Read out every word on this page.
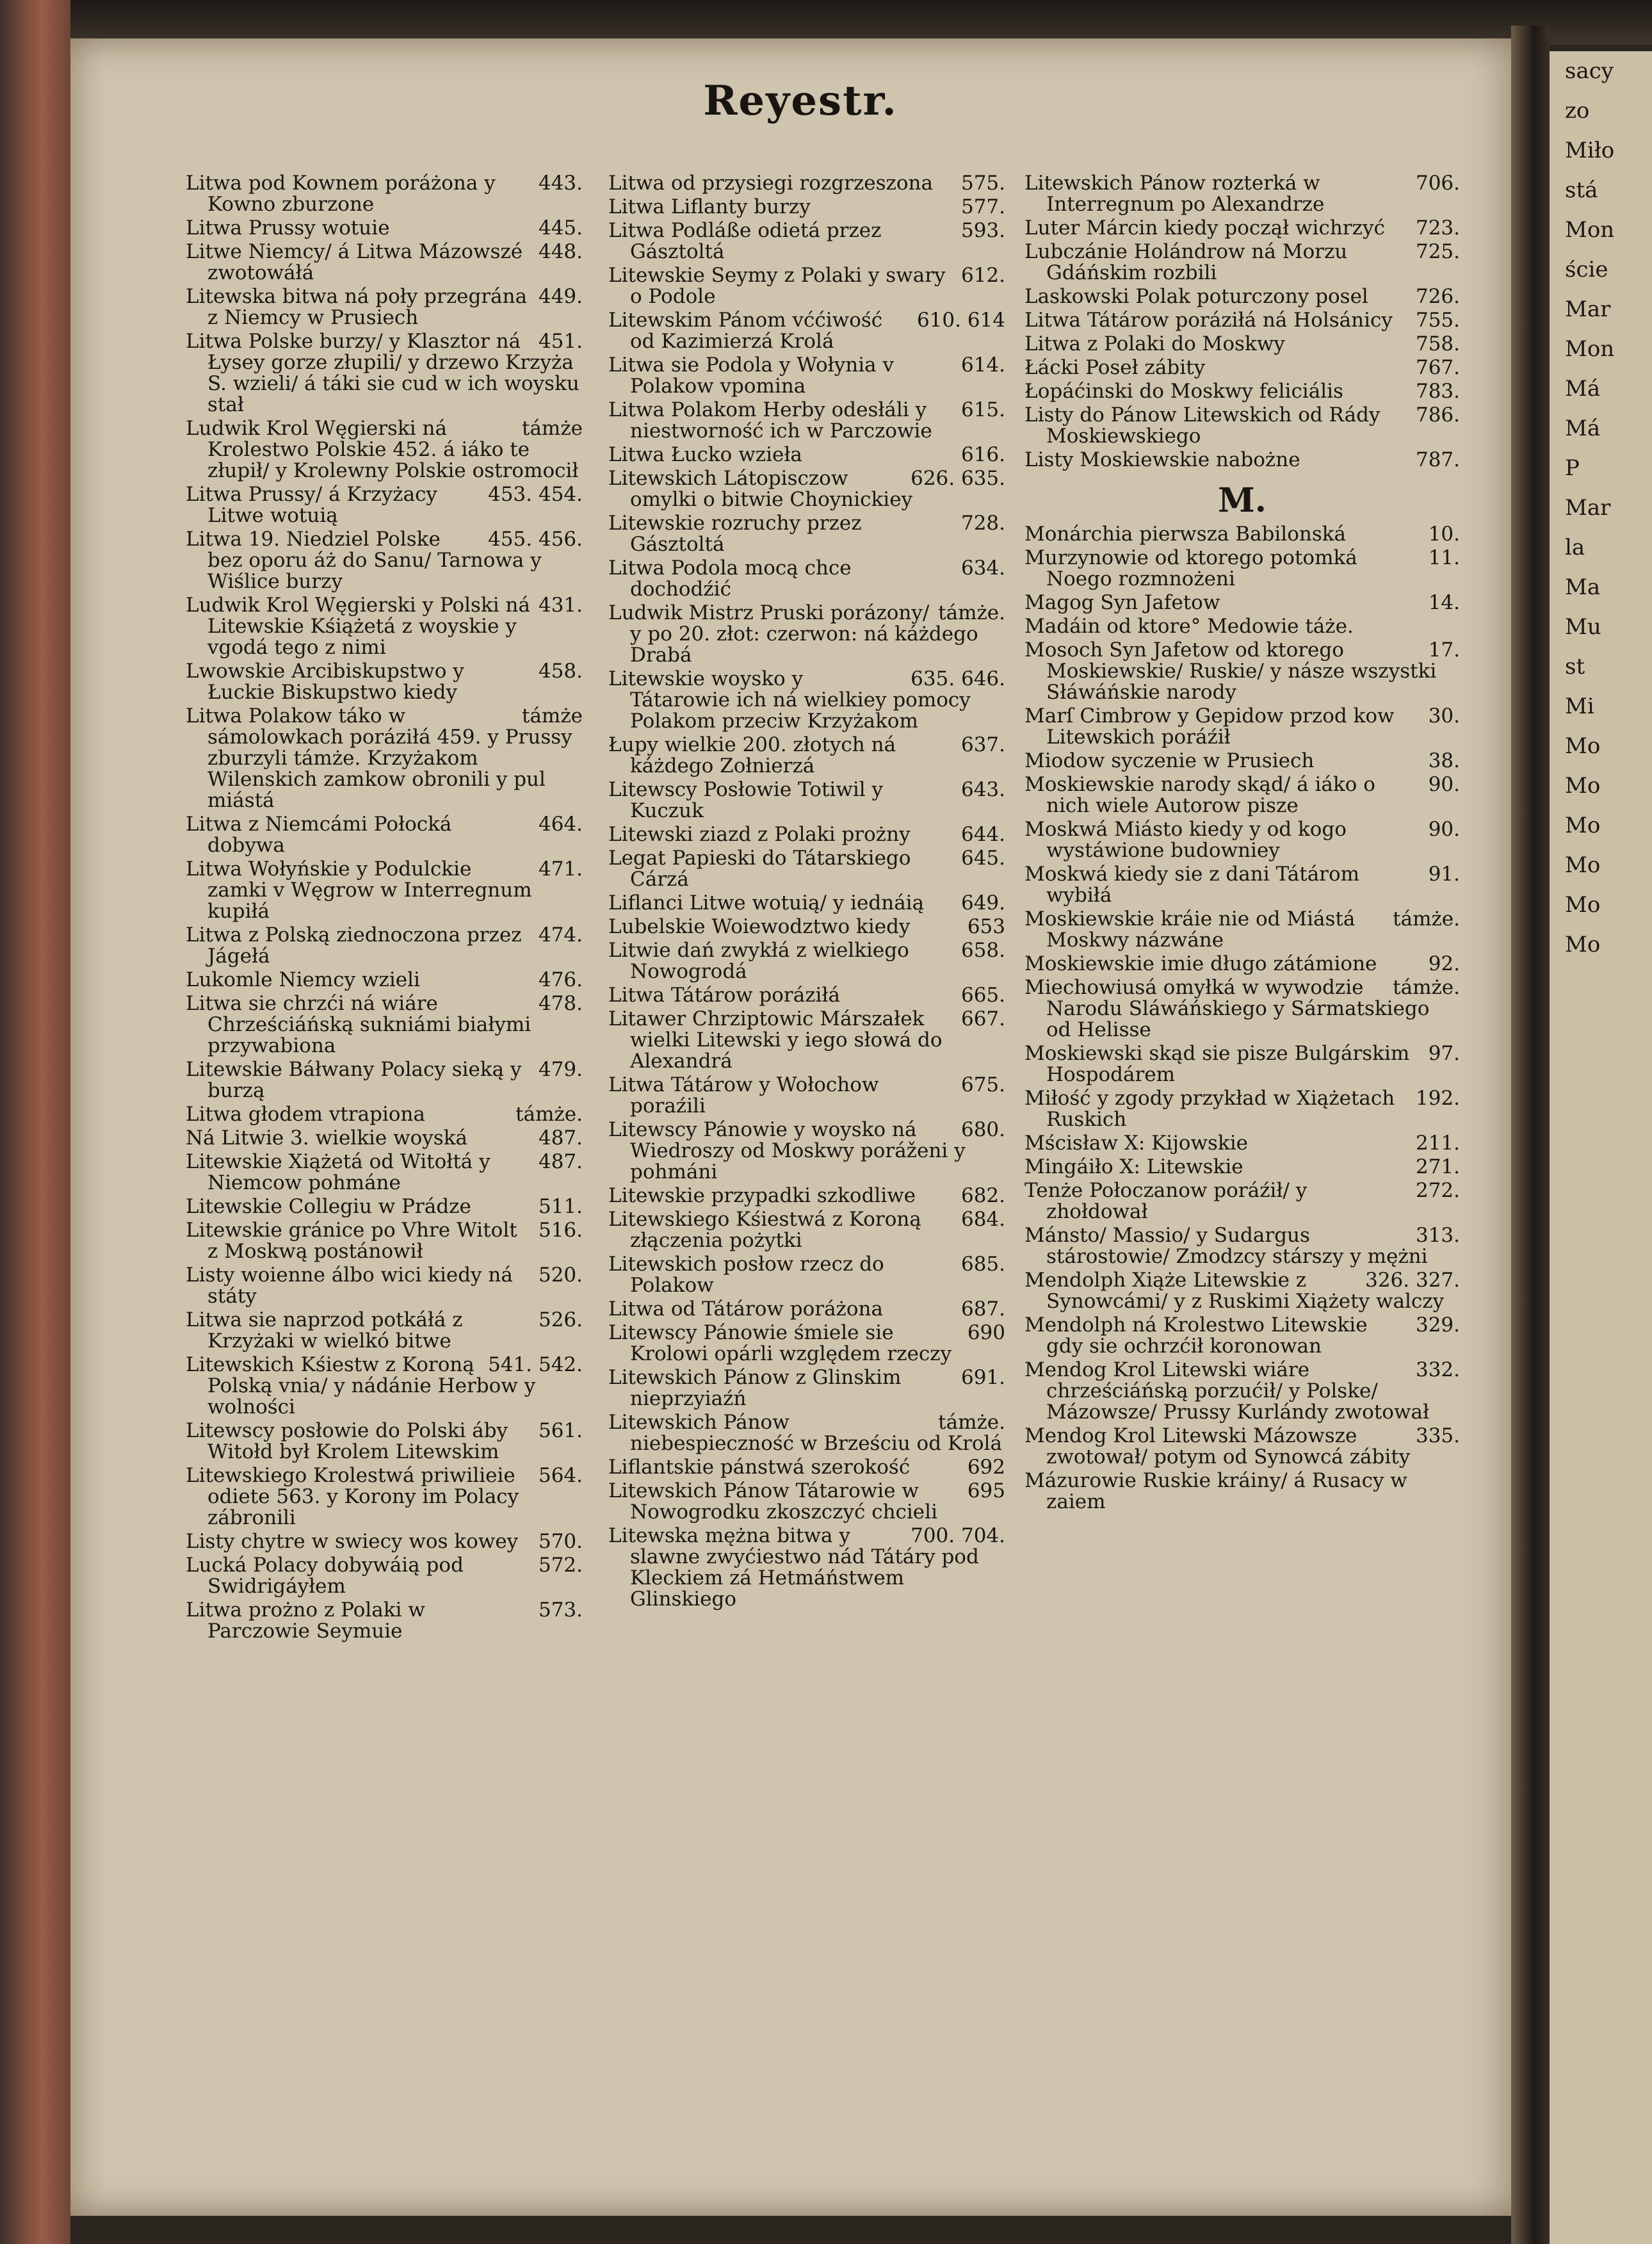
Reyestr.
443.
Litwa pod Kownem poráżona y Kowno zburzone
445.
Litwa Prussy wotuie
448.
Litwe Niemcy/ á Litwa Mázowszé zwotowáłá
449.
Litewska bitwa ná poły przegrána z Niemcy w Prusiech
451.
Litwa Polske burzy/ y Klasztor ná Łysey gorze złupili/ y drzewo Krzyża S. wzieli/ á táki sie cud w ich woysku stał
támże
Ludwik Krol Węgierski ná Krolestwo Polskie 452. á iáko te złupił/ y Krolewny Polskie ostromocił
453. 454.
Litwa Prussy/ á Krzyżacy Litwe wotuią
455. 456.
Litwa 19. Niedziel Polske bez oporu áż do Sanu/ Tarnowa y Wiślice burzy
431.
Ludwik Krol Węgierski y Polski ná Litewskie Kśiążetá z woyskie y vgodá tego z nimi
458.
Lwowskie Arcibiskupstwo y Łuckie Biskupstwo kiedy
támże
Litwa Polakow táko w sámolowkach poráziłá 459. y Prussy zburzyli támże. Krzyżakom Wilenskich zamkow obronili y pul miástá
464.
Litwa z Niemcámi Połocká dobywa
471.
Litwa Wołyńskie y Podulckie zamki v Węgrow w Interregnum kupiłá
474.
Litwa z Polską ziednoczona przez Jágełá
476.
Lukomle Niemcy wzieli
478.
Litwa sie chrzći ná wiáre Chrześciáńską sukniámi białymi przywabiona
479.
Litewskie Báłwany Polacy sieką y burzą
támże.
Litwa głodem vtrapiona
487.
Ná Litwie 3. wielkie woyská
487.
Litewskie Xiążetá od Witołtá y Niemcow pohmáne
511.
Litewskie Collegiu w Prádze
516.
Litewskie gránice po Vhre Witolt z Moskwą postánowił
520.
Listy woienne álbo wici kiedy ná státy
526.
Litwa sie naprzod potkáłá z Krzyżaki w wielkó bitwe
541. 542.
Litewskich Kśiestw z Koroną Polską vnia/ y nádánie Herbow y wolności
561.
Litewscy posłowie do Polski áby Witołd był Krolem Litewskim
564.
Litewskiego Krolestwá priwilieie odiete 563. y Korony im Polacy zábronili
570.
Listy chytre w swiecy wos kowey
572.
Lucká Polacy dobywáią pod Swidrigáyłem
573.
Litwa prożno z Polaki w Parczowie Seymuie
575.
Litwa od przysiegi rozgrzeszona
577.
Litwa Liflanty burzy
593.
Litwa Podláße odietá przez Gásztoltá
612.
Litewskie Seymy z Polaki y swary o Podole
610. 614
Litewskim Pánom vććiwość od Kazimierzá Krolá
614.
Litwa sie Podola y Wołynia v Polakow vpomina
615.
Litwa Polakom Herby odesłáli y niestworność ich w Parczowie
616.
Litwa Łucko wzieła
626. 635.
Litewskich Látopisczow omylki o bitwie Choynickiey
728.
Litewskie rozruchy przez Gásztoltá
634.
Litwa Podola mocą chce dochodźić
támże.
Ludwik Mistrz Pruski porázony/ y po 20. złot: czerwon: ná káżdego Drabá
635. 646.
Litewskie woysko y Tátarowie ich ná wielkiey pomocy Polakom przeciw Krzyżakom
637.
Łupy wielkie 200. złotych ná káżdego Zołnierzá
643.
Litewscy Posłowie Totiwil y Kuczuk
644.
Litewski ziazd z Polaki prożny
645.
Legat Papieski do Tátarskiego Cárzá
649.
Liflanci Litwe wotuią/ y iednáią
653
Lubelskie Woiewodztwo kiedy
658.
Litwie dań zwykłá z wielkiego Nowogrodá
665.
Litwa Tátárow poráziłá
667.
Litawer Chrziptowic Márszałek wielki Litewski y iego słowá do Alexandrá
675.
Litwa Tátárow y Wołochow poraźili
680.
Litewscy Pánowie y woysko ná Wiedroszy od Moskwy poráženi y pohmáni
682.
Litewskie przypadki szkodliwe
684.
Litewskiego Kśiestwá z Koroną złączenia pożytki
685.
Litewskich posłow rzecz do Polakow
687.
Litwa od Tátárow poráżona
690
Litewscy Pánowie śmiele sie Krolowi opárli względem rzeczy
691.
Litewskich Pánow z Glinskim nieprzyiaźń
támże.
Litewskich Pánow niebespieczność w Brześciu od Krolá
692
Liflantskie pánstwá szerokość
695
Litewskich Pánow Tátarowie w Nowogrodku zkoszczyć chcieli
700. 704.
Litewska mężna bitwa y slawne zwyćiestwo nád Tátáry pod Kleckiem zá Hetmáństwem Glinskiego
706.
Litewskich Pánow rozterká w Interregnum po Alexandrze
723.
Luter Márcin kiedy począł wichrzyć
725.
Lubczánie Holándrow ná Morzu Gdáńskim rozbili
726.
Laskowski Polak poturczony posel
755.
Litwa Tátárow poráziłá ná Holsánicy
758.
Litwa z Polaki do Moskwy
767.
Łácki Poseł zábity
783.
Łopáćinski do Moskwy feliciális
786.
Listy do Pánow Litewskich od Rády Moskiewskiego
787.
Listy Moskiewskie nabożne
M.
10.
Monárchia pierwsza Babilonská
11.
Murzynowie od ktorego potomká Noego rozmnożeni
14.
Magog Syn Jafetow
Madáin od ktore° Medowie táże.
17.
Mosoch Syn Jafetow od ktorego Moskiewskie/ Ruskie/ y násze wszystki Słáwáńskie narody
30.
Marſ Cimbrow y Gepidow przod kow Litewskich poráźił
38.
Miodow syczenie w Prusiech
90.
Moskiewskie narody skąd/ á iáko o nich wiele Autorow pisze
90.
Moskwá Miásto kiedy y od kogo wystáwione budowniey
91.
Moskwá kiedy sie z dani Tátárom wybiłá
támże.
Moskiewskie kráie nie od Miástá Moskwy názwáne
92.
Moskiewskie imie długo zátámione
támże.
Miechowiusá omyłká w wywodzie Narodu Sláwáńskiego y Sármatskiego od Helisse
97.
Moskiewski skąd sie pisze Bulgárskim Hospodárem
192.
Miłość y zgody przykład w Xiążetach Ruskich
211.
Mścisław X: Kijowskie
271.
Mingáiło X: Litewskie
272.
Tenże Połoczanow poráźił/ y zhołdował
313.
Mánsto/ Massio/ y Sudargus stárostowie/ Zmodzcy stárszy y mężni
326. 327.
Mendolph Xiąże Litewskie z Synowcámi/ y z Ruskimi Xiążety walczy
329.
Mendolph ná Krolestwo Litewskie gdy sie ochrzćił koronowan
332.
Mendog Krol Litewski wiáre chrześciáńską porzućił/ y Polske/ Mázowsze/ Prussy Kurlándy zwotował
335.
Mendog Krol Litewski Mázowsze zwotował/ potym od Synowcá zábity
Mázurowie Ruskie kráiny/ á Rusacy w zaiem
sacy
zo
Miło
stá
Mon
ście
Mar
Mon
Má
Má
P
Mar
la
Ma
Mu
st
Mi
Mo
Mo
Mo
Mo
Mo
Mo
